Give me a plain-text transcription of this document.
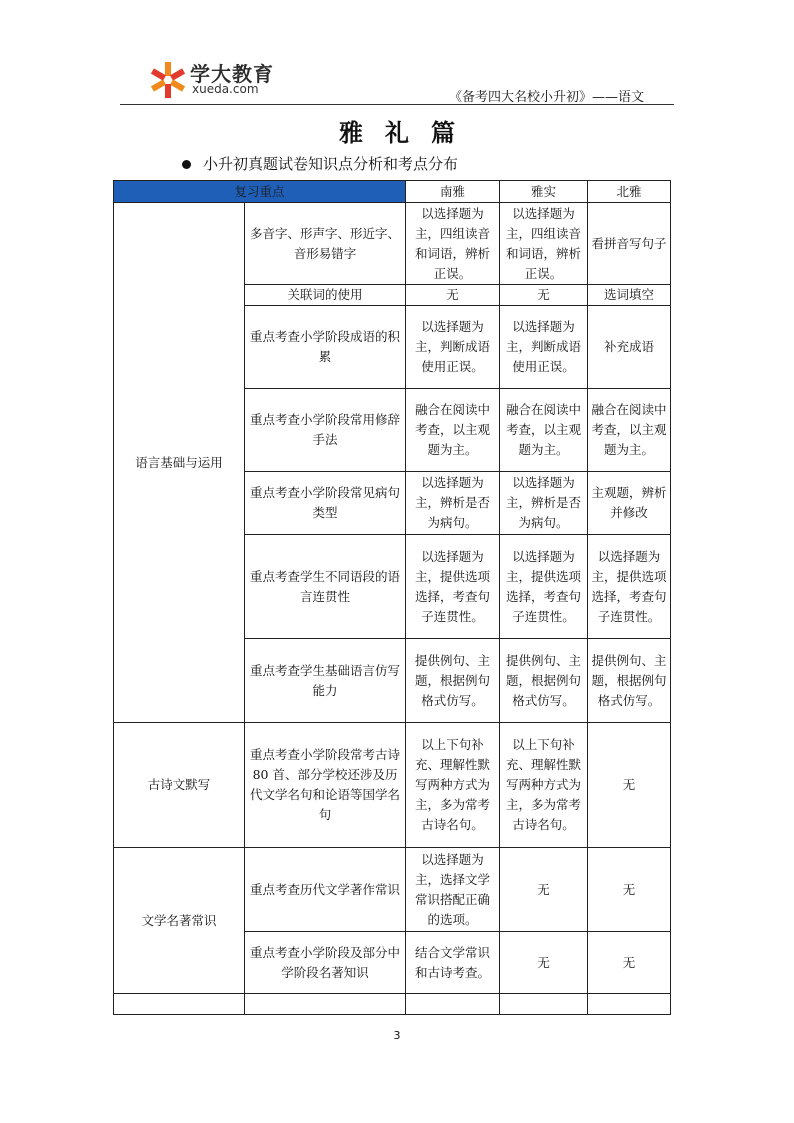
学大教育
xueda.com
《备考四大名校小升初》——语文
雅礼篇
小升初真题试卷知识点分析和考点分布
复习重点		南雅	雅实	北雅
语言基础与运用	多音字、形声字、形近字、音形易错字	以选择题为主，四组读音和词语，辨析正误。	以选择题为主，四组读音和词语，辨析正误。	看拼音写句子
	关联词的使用	无	无	选词填空
	重点考查小学阶段成语的积累	以选择题为主，判断成语使用正误。	以选择题为主，判断成语使用正误。	补充成语
	重点考查小学阶段常用修辞手法	融合在阅读中考查，以主观题为主。	融合在阅读中考查，以主观题为主。	融合在阅读中考查，以主观题为主。
	重点考查小学阶段常见病句类型	以选择题为主，辨析是否为病句。	以选择题为主，辨析是否为病句。	主观题，辨析并修改
	重点考查学生不同语段的语言连贯性	以选择题为主，提供选项选择，考查句子连贯性。	以选择题为主，提供选项选择，考查句子连贯性。	以选择题为主，提供选项选择，考查句子连贯性。
	重点考查学生基础语言仿写能力	提供例句、主题，根据例句格式仿写。	提供例句、主题，根据例句格式仿写。	提供例句、主题，根据例句格式仿写。
古诗文默写	重点考查小学阶段常考古诗 80 首、部分学校还涉及历代文学名句和论语等国学名句	以上下句补充、理解性默写两种方式为主，多为常考古诗名句。	以上下句补充、理解性默写两种方式为主，多为常考古诗名句。	无
文学名著常识	重点考查历代文学著作常识	以选择题为主，选择文学常识搭配正确的选项。	无	无
	重点考查小学阶段及部分中学阶段名著知识	结合文学常识和古诗考查。	无	无

3
